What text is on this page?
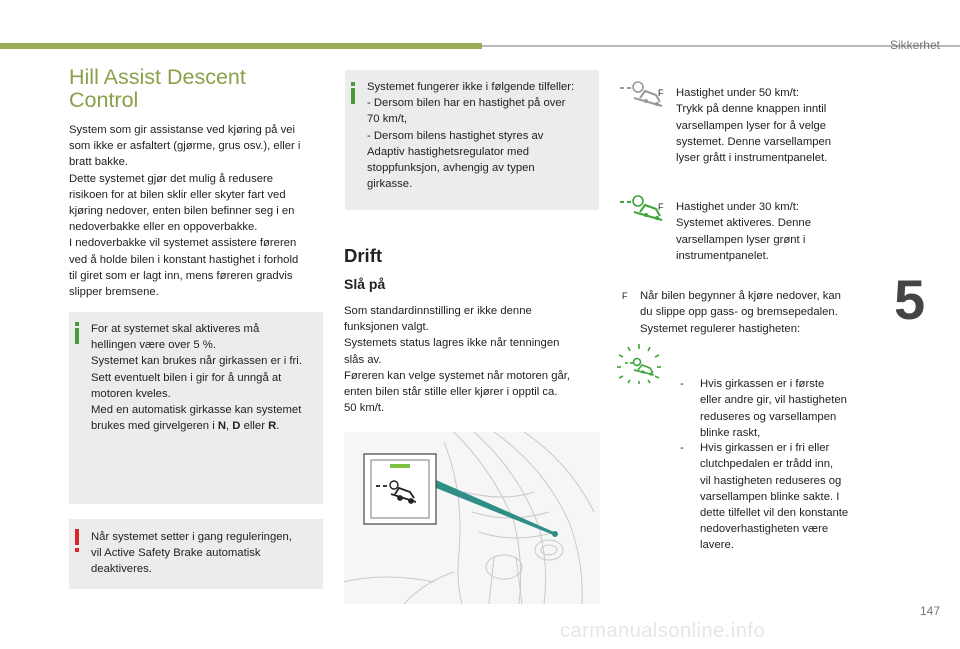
Sikkerhet
5
147
Hill Assist Descent
Control
System som gir assistanse ved kjøring på vei
som ikke er asfaltert (gjørme, grus osv.), eller i
bratt bakke.
Dette systemet gjør det mulig å redusere
risikoen for at bilen sklir eller skyter fart ved
kjøring nedover, enten bilen befinner seg i en
nedoverbakke eller en oppoverbakke.
I nedoverbakke vil systemet assistere føreren
ved å holde bilen i konstant hastighet i forhold
til giret som er lagt inn, mens føreren gradvis
slipper bremsene.
For at systemet skal aktiveres må
hellingen være over 5 %.
Systemet kan brukes når girkassen er i fri.
Sett eventuelt bilen i gir for å unngå at
motoren kveles.
Med en automatisk girkasse kan systemet
brukes med girvelgeren i N, D eller R.
Når systemet setter i gang reguleringen,
vil Active Safety Brake automatisk
deaktiveres.
Systemet fungerer ikke i følgende tilfeller:
- Dersom bilen har en hastighet på over
70 km/t,
- Dersom bilens hastighet styres av
Adaptiv hastighetsregulator med
stoppfunksjon, avhengig av typen
girkasse.
Drift
Slå på
Som standardinnstilling er ikke denne
funksjonen valgt.
Systemets status lagres ikke når tenningen
slås av.
Føreren kan velge systemet når motoren går,
enten bilen står stille eller kjører i opptil ca.
50 km/t.

F	Hastighet under 50 km/t:
Trykk på denne knappen inntil
varsellampen lyser for å velge
systemet. Denne varsellampen
lyser grått i instrumentpanelet.

F	Hastighet under 30 km/t:
Systemet aktiveres. Denne
varsellampen lyser grønt i
instrumentpanelet.

F	Når bilen begynner å kjøre nedover, kan
du slippe opp gass- og bremsepedalen.
Systemet regulerer hastigheten:

- Hvis girkassen er i første
eller andre gir, vil hastigheten
reduseres og varsellampen
blinke raskt,

- Hvis girkassen er i fri eller
clutchpedalen er trådd inn,
vil hastigheten reduseres og
varsellampen blinke sakte. I
dette tilfellet vil den konstante
nedoverhastigheten være
lavere.

carmanualsonline.info
